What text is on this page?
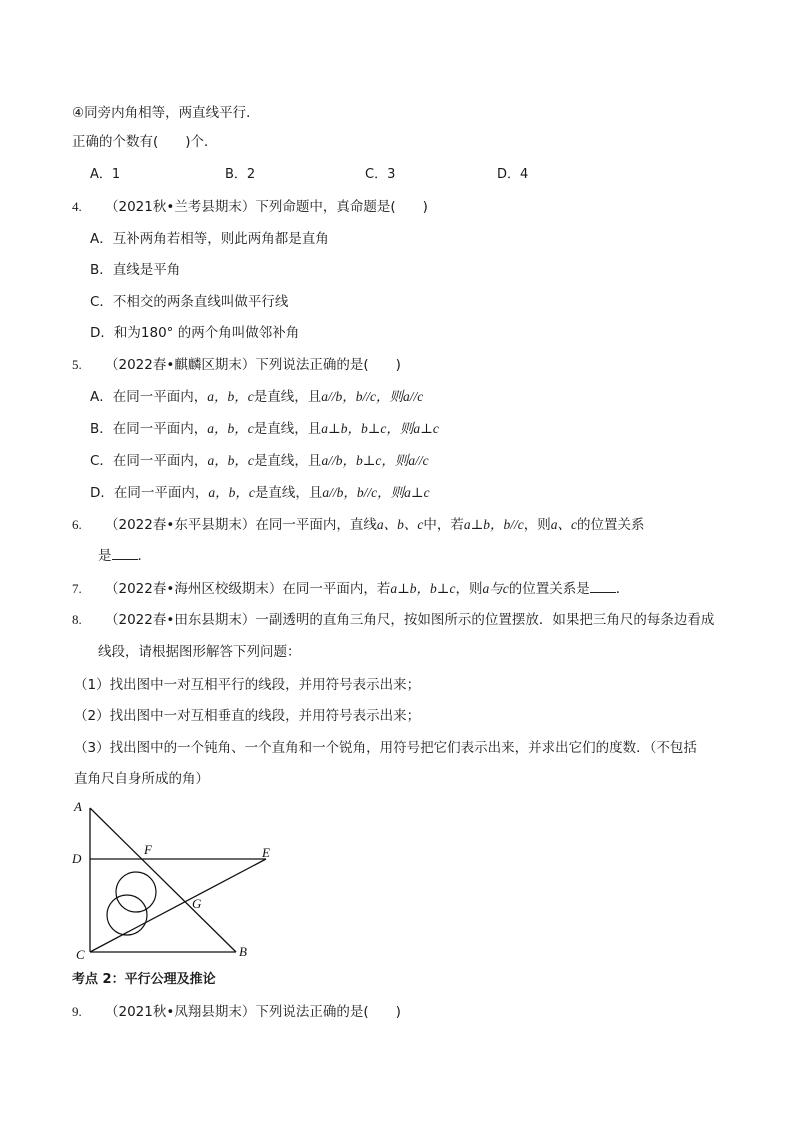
④同旁内角相等，两直线平行．
正确的个数有(　　)个．
A．1	B．2	C．3	D．4
4. （2021秋•兰考县期末）下列命题中，真命题是(　　)
A．互补两角若相等，则此两角都是直角
B．直线是平角
C．不相交的两条直线叫做平行线
D．和为180° 的两个角叫做邻补角
5. （2022春•麒麟区期末）下列说法正确的是(　　)
A．在同一平面内，a，b，c是直线，且a//b，b//c，则a//c
B．在同一平面内，a，b，c是直线，且a⊥b，b⊥c，则a⊥c
C．在同一平面内，a，b，c是直线，且a//b，b⊥c，则a//c
D．在同一平面内，a，b，c是直线，且a//b，b//c，则a⊥c
6. （2022春•东平县期末）在同一平面内，直线a、b、c中，若a⊥b，b//c，则a、c的位置关系
是 ．
7. （2022春•海州区校级期末）在同一平面内，若a⊥b，b⊥c，则a与c的位置关系是 ．
8. （2022春•田东县期末）一副透明的直角三角尺，按如图所示的位置摆放．如果把三角尺的每条边看成
线段，请根据图形解答下列问题：
（1）找出图中一对互相平行的线段，并用符号表示出来；
（2）找出图中一对互相垂直的线段，并用符号表示出来；
（3）找出图中的一个钝角、一个直角和一个锐角，用符号把它们表示出来，并求出它们的度数．（不包括
直角尺自身所成的角）
A
D
F	E
G
C	B
考点 2：平行公理及推论
9. （2021秋•凤翔县期末）下列说法正确的是(　　)
